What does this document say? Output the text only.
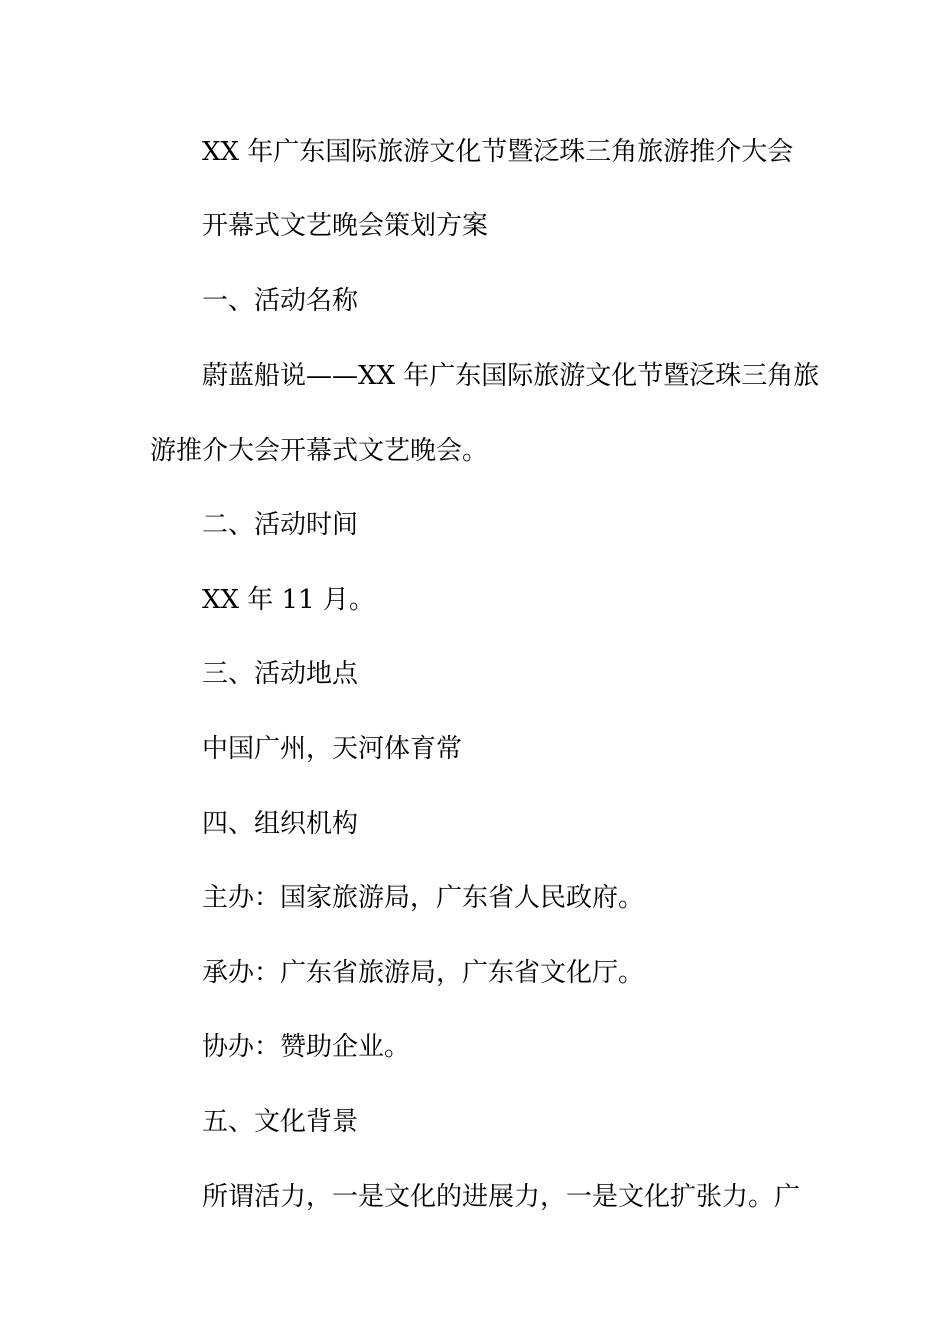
XX 年广东国际旅游文化节暨泛珠三角旅游推介大会
开幕式文艺晚会策划方案
一、活动名称
蔚蓝船说——XX 年广东国际旅游文化节暨泛珠三角旅
游推介大会开幕式文艺晚会。
二、活动时间
XX 年 11 月。
三、活动地点
中国广州，天河体育常
四、组织机构
主办：国家旅游局，广东省人民政府。
承办：广东省旅游局，广东省文化厅。
协办：赞助企业。
五、文化背景
所谓活力，一是文化的进展力，一是文化扩张力。广
